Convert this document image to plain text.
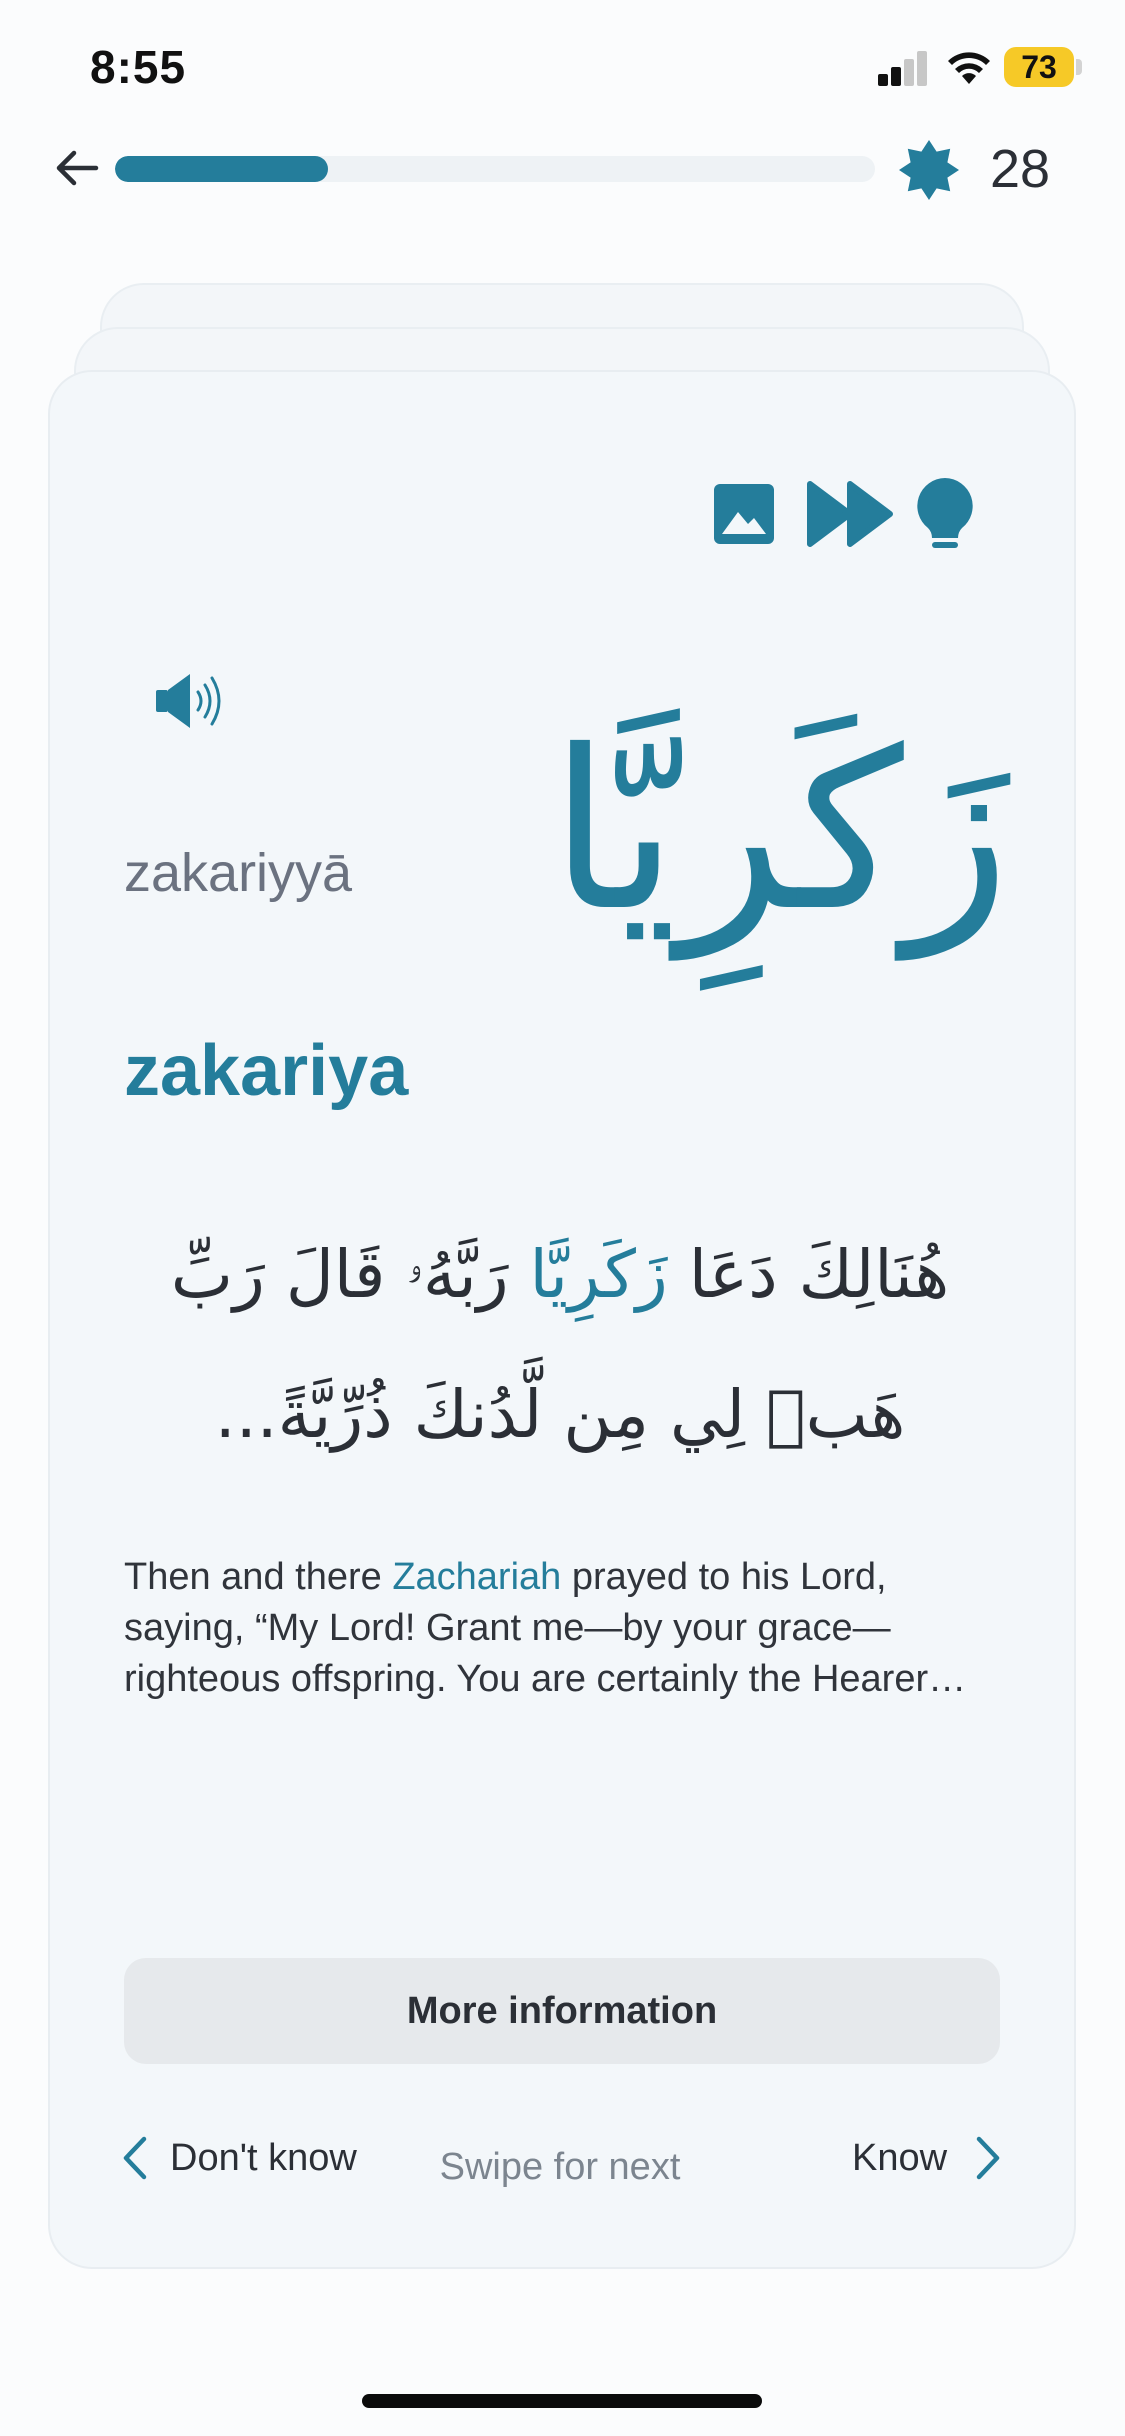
8:55	73
28
zakariyyā زَكَرِيَّا
zakariya
هُنَالِكَ دَعَا زَكَرِيَّا رَبَّهُۥ قَالَ رَبِّ
هَبۡ لِي مِن لَّدُنكَ ذُرِّيَّةً...
Then and there Zachariah prayed to his Lord, saying, “My Lord! Grant me—by your grace—righteous offspring. You are certainly the Hearer…
More information
Don't know	Swipe for next	Know
